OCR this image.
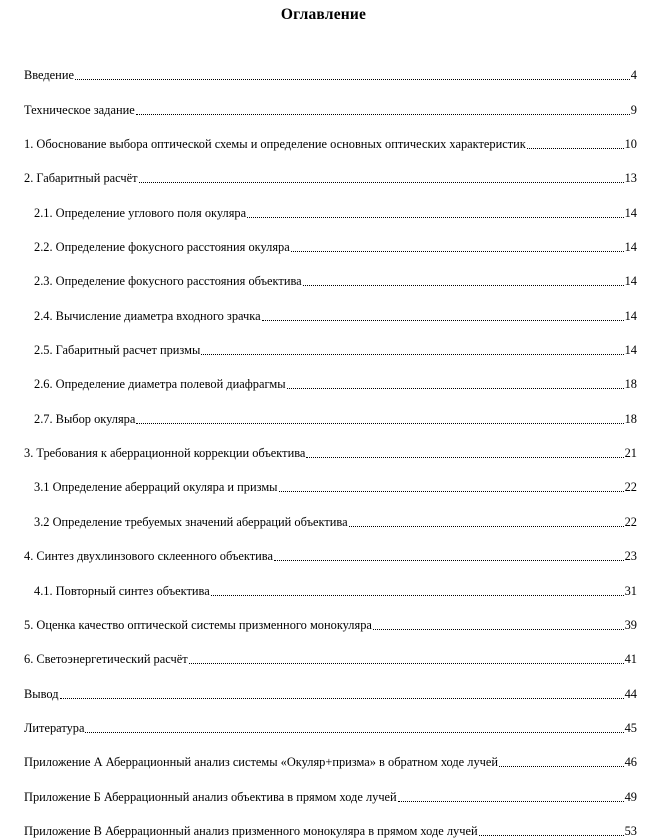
Оглавление
Введение	4
Техническое задание	9
1. Обоснование выбора оптической схемы и определение основных оптических характеристик	10
2. Габаритный расчёт	13
2.1. Определение углового поля окуляра	14
2.2. Определение фокусного расстояния окуляра	14
2.3. Определение фокусного расстояния объектива	14
2.4. Вычисление диаметра входного зрачка	14
2.5. Габаритный расчет призмы	14
2.6. Определение диаметра полевой диафрагмы	18
2.7. Выбор окуляра	18
3. Требования к аберрационной коррекции объектива	21
3.1 Определение аберраций окуляра и призмы	22
3.2 Определение требуемых значений аберраций объектива	22
4. Синтез двухлинзового склеенного объектива	23
4.1. Повторный синтез объектива	31
5. Оценка качество оптической системы призменного монокуляра	39
6. Светоэнергетический расчёт	41
Вывод	44
Литература	45
Приложение А Аберрационный анализ системы «Окуляр+призма» в обратном ходе лучей	46
Приложение Б Аберрационный анализ объектива в прямом ходе лучей	49
Приложение В Аберрационный анализ призменного монокуляра в прямом ходе лучей	53
